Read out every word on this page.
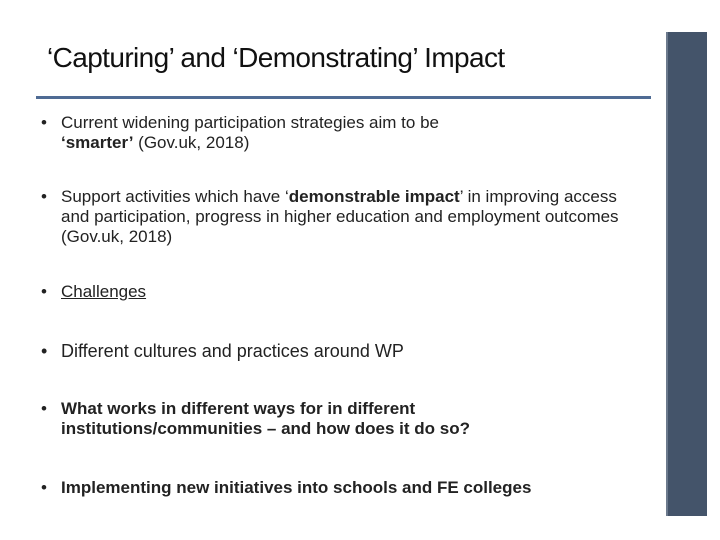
‘Capturing’ and ‘Demonstrating’ Impact
• Current widening participation strategies aim to be ‘smarter’ (Gov.uk, 2018)
• Support activities which have ‘demonstrable impact’ in improving access and participation, progress in higher education and employment outcomes (Gov.uk, 2018)
• Challenges
• Different cultures and practices around WP
• What works in different ways for in different institutions/communities – and how does it do so?
• Implementing new initiatives into schools and FE colleges
